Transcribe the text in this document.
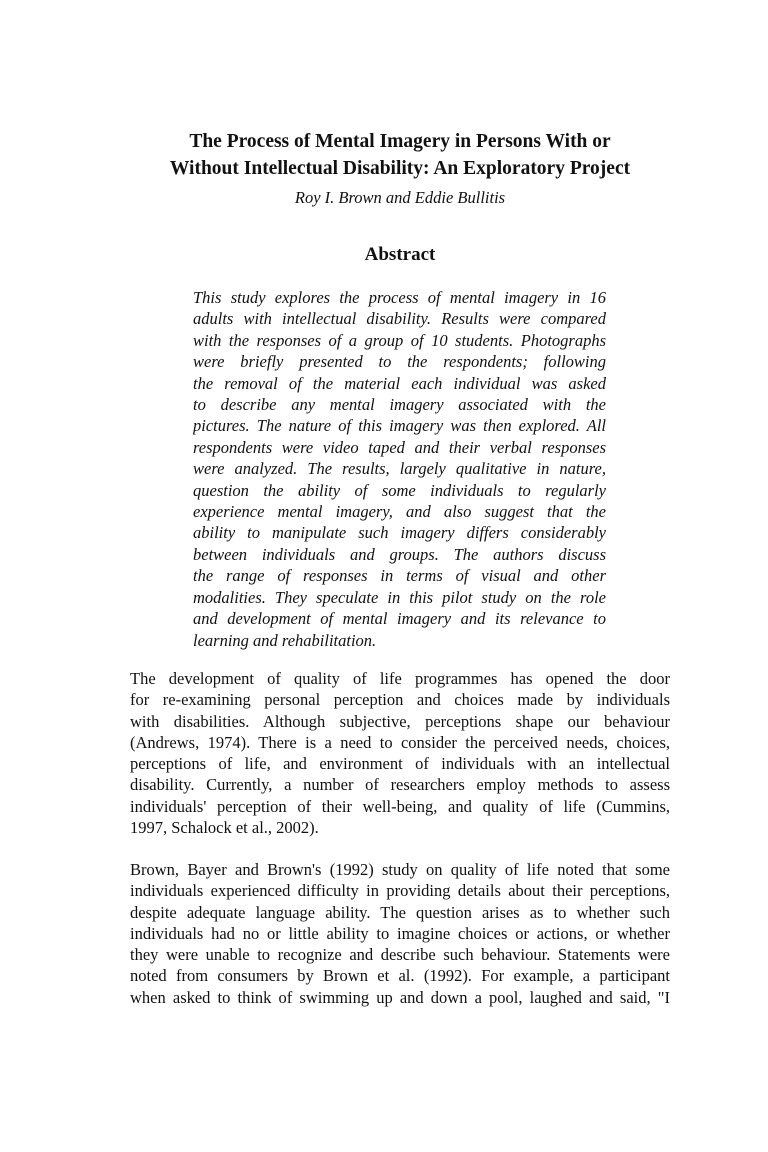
The Process of Mental Imagery in Persons With or
Without Intellectual Disability: An Exploratory Project
Roy I. Brown and Eddie Bullitis
Abstract
This study explores the process of mental imagery in 16
adults with intellectual disability. Results were compared
with the responses of a group of 10 students. Photographs
were briefly presented to the respondents; following
the removal of the material each individual was asked
to describe any mental imagery associated with the
pictures. The nature of this imagery was then explored. All
respondents were video taped and their verbal responses
were analyzed. The results, largely qualitative in nature,
question the ability of some individuals to regularly
experience mental imagery, and also suggest that the
ability to manipulate such imagery differs considerably
between individuals and groups. The authors discuss
the range of responses in terms of visual and other
modalities. They speculate in this pilot study on the role
and development of mental imagery and its relevance to
learning and rehabilitation.
The development of quality of life programmes has opened the door
for re-examining personal perception and choices made by individuals
with disabilities. Although subjective, perceptions shape our behaviour
(Andrews, 1974). There is a need to consider the perceived needs, choices,
perceptions of life, and environment of individuals with an intellectual
disability. Currently, a number of researchers employ methods to assess
individuals' perception of their well-being, and quality of life (Cummins,
1997, Schalock et al., 2002).
Brown, Bayer and Brown's (1992) study on quality of life noted that some
individuals experienced difficulty in providing details about their perceptions,
despite adequate language ability. The question arises as to whether such
individuals had no or little ability to imagine choices or actions, or whether
they were unable to recognize and describe such behaviour. Statements were
noted from consumers by Brown et al. (1992). For example, a participant
when asked to think of swimming up and down a pool, laughed and said, "I
